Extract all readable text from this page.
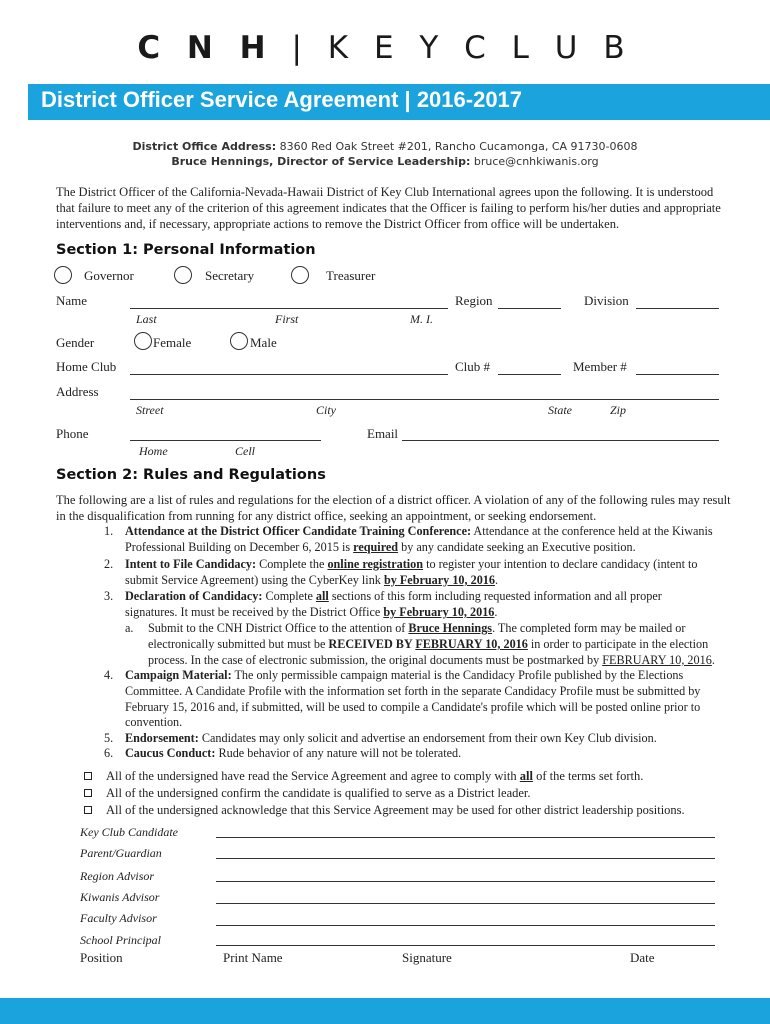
C N H | K E Y C L U B
District Officer Service Agreement | 2016-2017
District Office Address: 8360 Red Oak Street #201, Rancho Cucamonga, CA 91730-0608
Bruce Hennings, Director of Service Leadership: bruce@cnhkiwanis.org
The District Officer of the California-Nevada-Hawaii District of Key Club International agrees upon the following. It is understood
that failure to meet any of the criterion of this agreement indicates that the Officer is failing to perform his/her duties and appropriate
interventions and, if necessary, appropriate actions to remove the District Officer from office will be undertaken.
Section 1: Personal Information
Governor	Secretary	Treasurer
Name	Region	Division
Last	First	M. I.
Gender	Female	Male
Home Club	Club #	Member #
Address
Street	City	State	Zip
Phone	Email
Home	Cell
Section 2: Rules and Regulations
The following are a list of rules and regulations for the election of a district officer. A violation of any of the following rules may result
in the disqualification from running for any district office, seeking an appointment, or seeking endorsement.
1. Attendance at the District Officer Candidate Training Conference: Attendance at the conference held at the Kiwanis
Professional Building on December 6, 2015 is required by any candidate seeking an Executive position.
2. Intent to File Candidacy: Complete the online registration to register your intention to declare candidacy (intent to
submit Service Agreement) using the CyberKey link by February 10, 2016.
3. Declaration of Candidacy: Complete all sections of this form including requested information and all proper
signatures. It must be received by the District Office by February 10, 2016.
a. Submit to the CNH District Office to the attention of Bruce Hennings. The completed form may be mailed or
electronically submitted but must be RECEIVED BY FEBRUARY 10, 2016 in order to participate in the election
process. In the case of electronic submission, the original documents must be postmarked by FEBRUARY 10, 2016.
4. Campaign Material: The only permissible campaign material is the Candidacy Profile published by the Elections
Committee. A Candidate Profile with the information set forth in the separate Candidacy Profile must be submitted by
February 15, 2016 and, if submitted, will be used to compile a Candidate's profile which will be posted online prior to
convention.
5. Endorsement: Candidates may only solicit and advertise an endorsement from their own Key Club division.
6. Caucus Conduct: Rude behavior of any nature will not be tolerated.
All of the undersigned have read the Service Agreement and agree to comply with all of the terms set forth.
All of the undersigned confirm the candidate is qualified to serve as a District leader.
All of the undersigned acknowledge that this Service Agreement may be used for other district leadership positions.
Key Club Candidate
Parent/Guardian
Region Advisor
Kiwanis Advisor
Faculty Advisor
School Principal
Position	Print Name	Signature	Date
